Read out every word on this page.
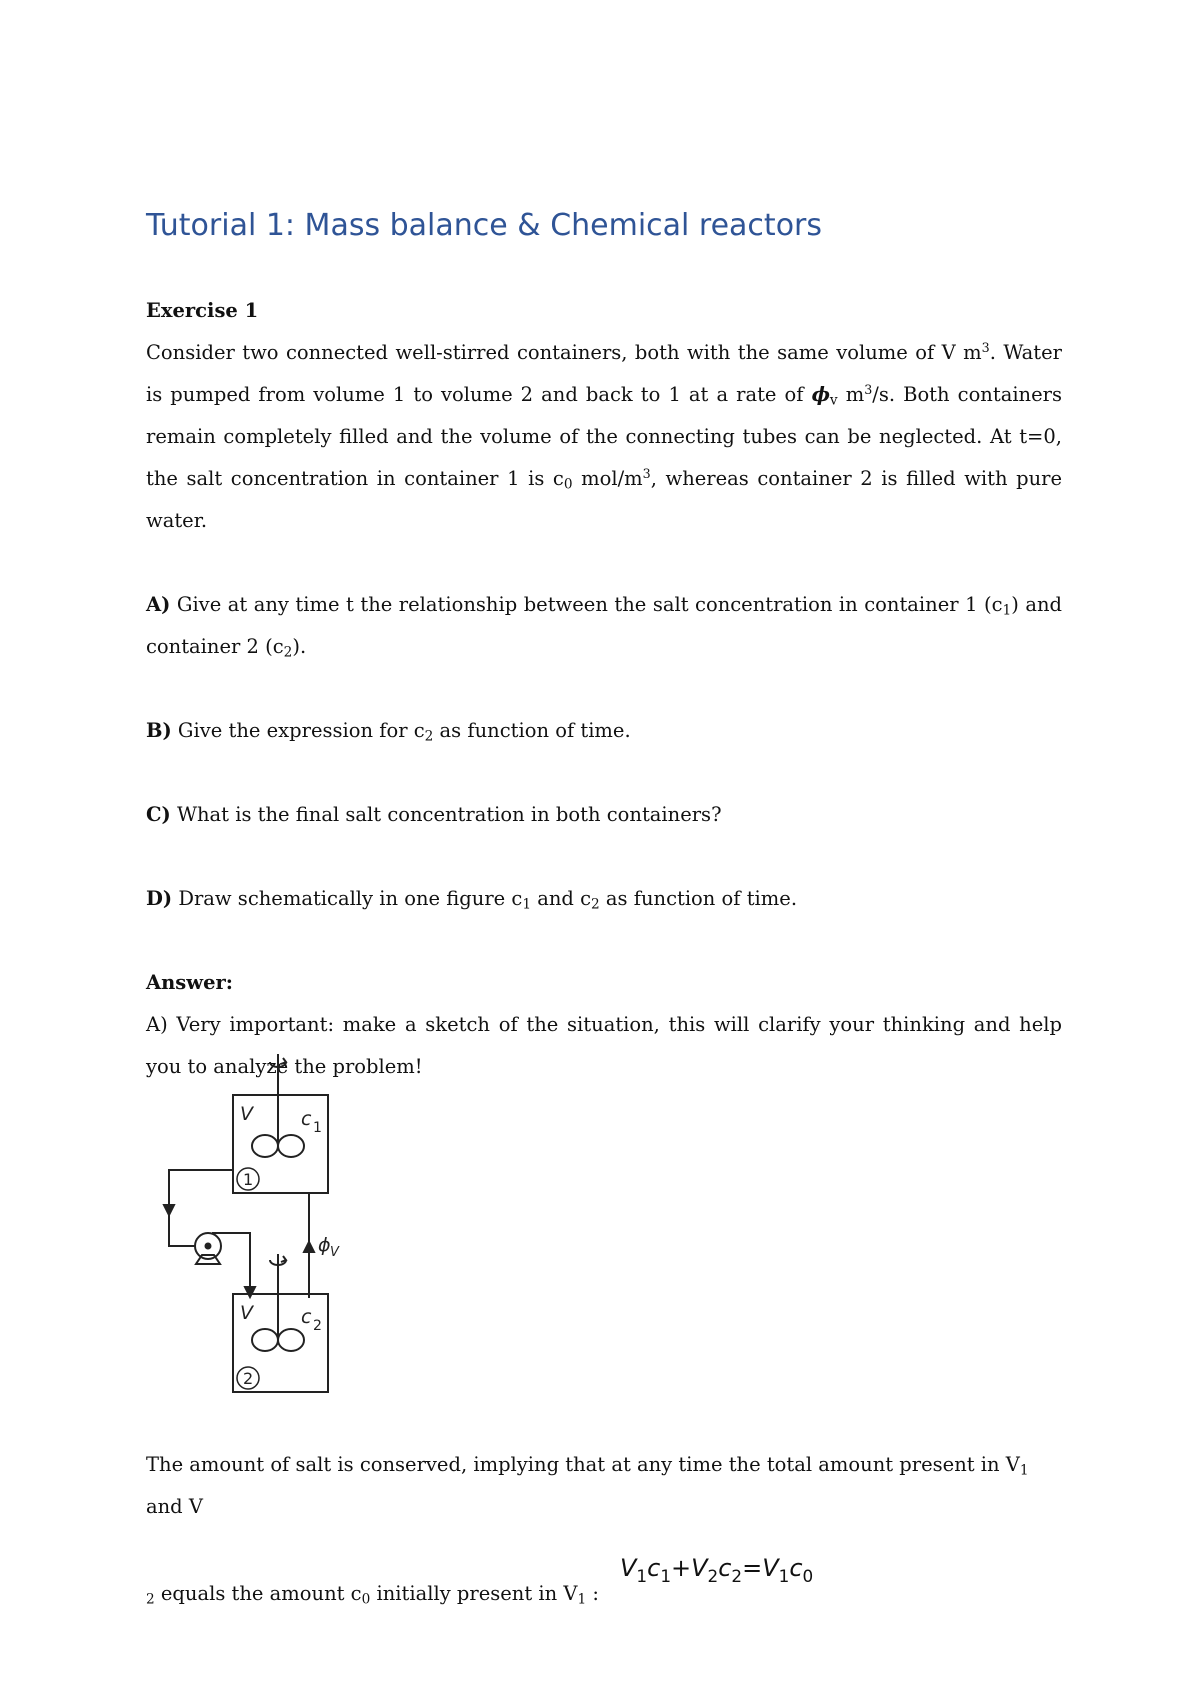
Tutorial 1: Mass balance & Chemical reactors

Exercise 1

Consider two connected well-stirred containers, both with the same volume of V $m^3$. Water is pumped from volume 1 to volume 2 and back to 1 at a rate of ϕv $m^3/s$. Both containers remain completely filled and the volume of the connecting tubes can be neglected. At t=0, the salt concentration in container 1 is c0 mol/$m^3$, whereas container 2 is filled with pure water.

A) Give at any time t the relationship between the salt concentration in container 1 (c1) and container 2 (c2).

B) Give the expression for c2 as function of time.

C) What is the final salt concentration in both containers?

D) Draw schematically in one figure c1 and c2 as function of time.

Answer:

A) Very important: make a sketch of the situation, this will clarify your thinking and help you to analyze the problem!

V	c 1
1
ϕ V
V	c 2
2

The amount of salt is conserved, implying that at any time the total amount present in V1 and V

2 equals the amount c0 initially present in V1 :
$V_1c_1+V_2c_2=V_1c_0$
